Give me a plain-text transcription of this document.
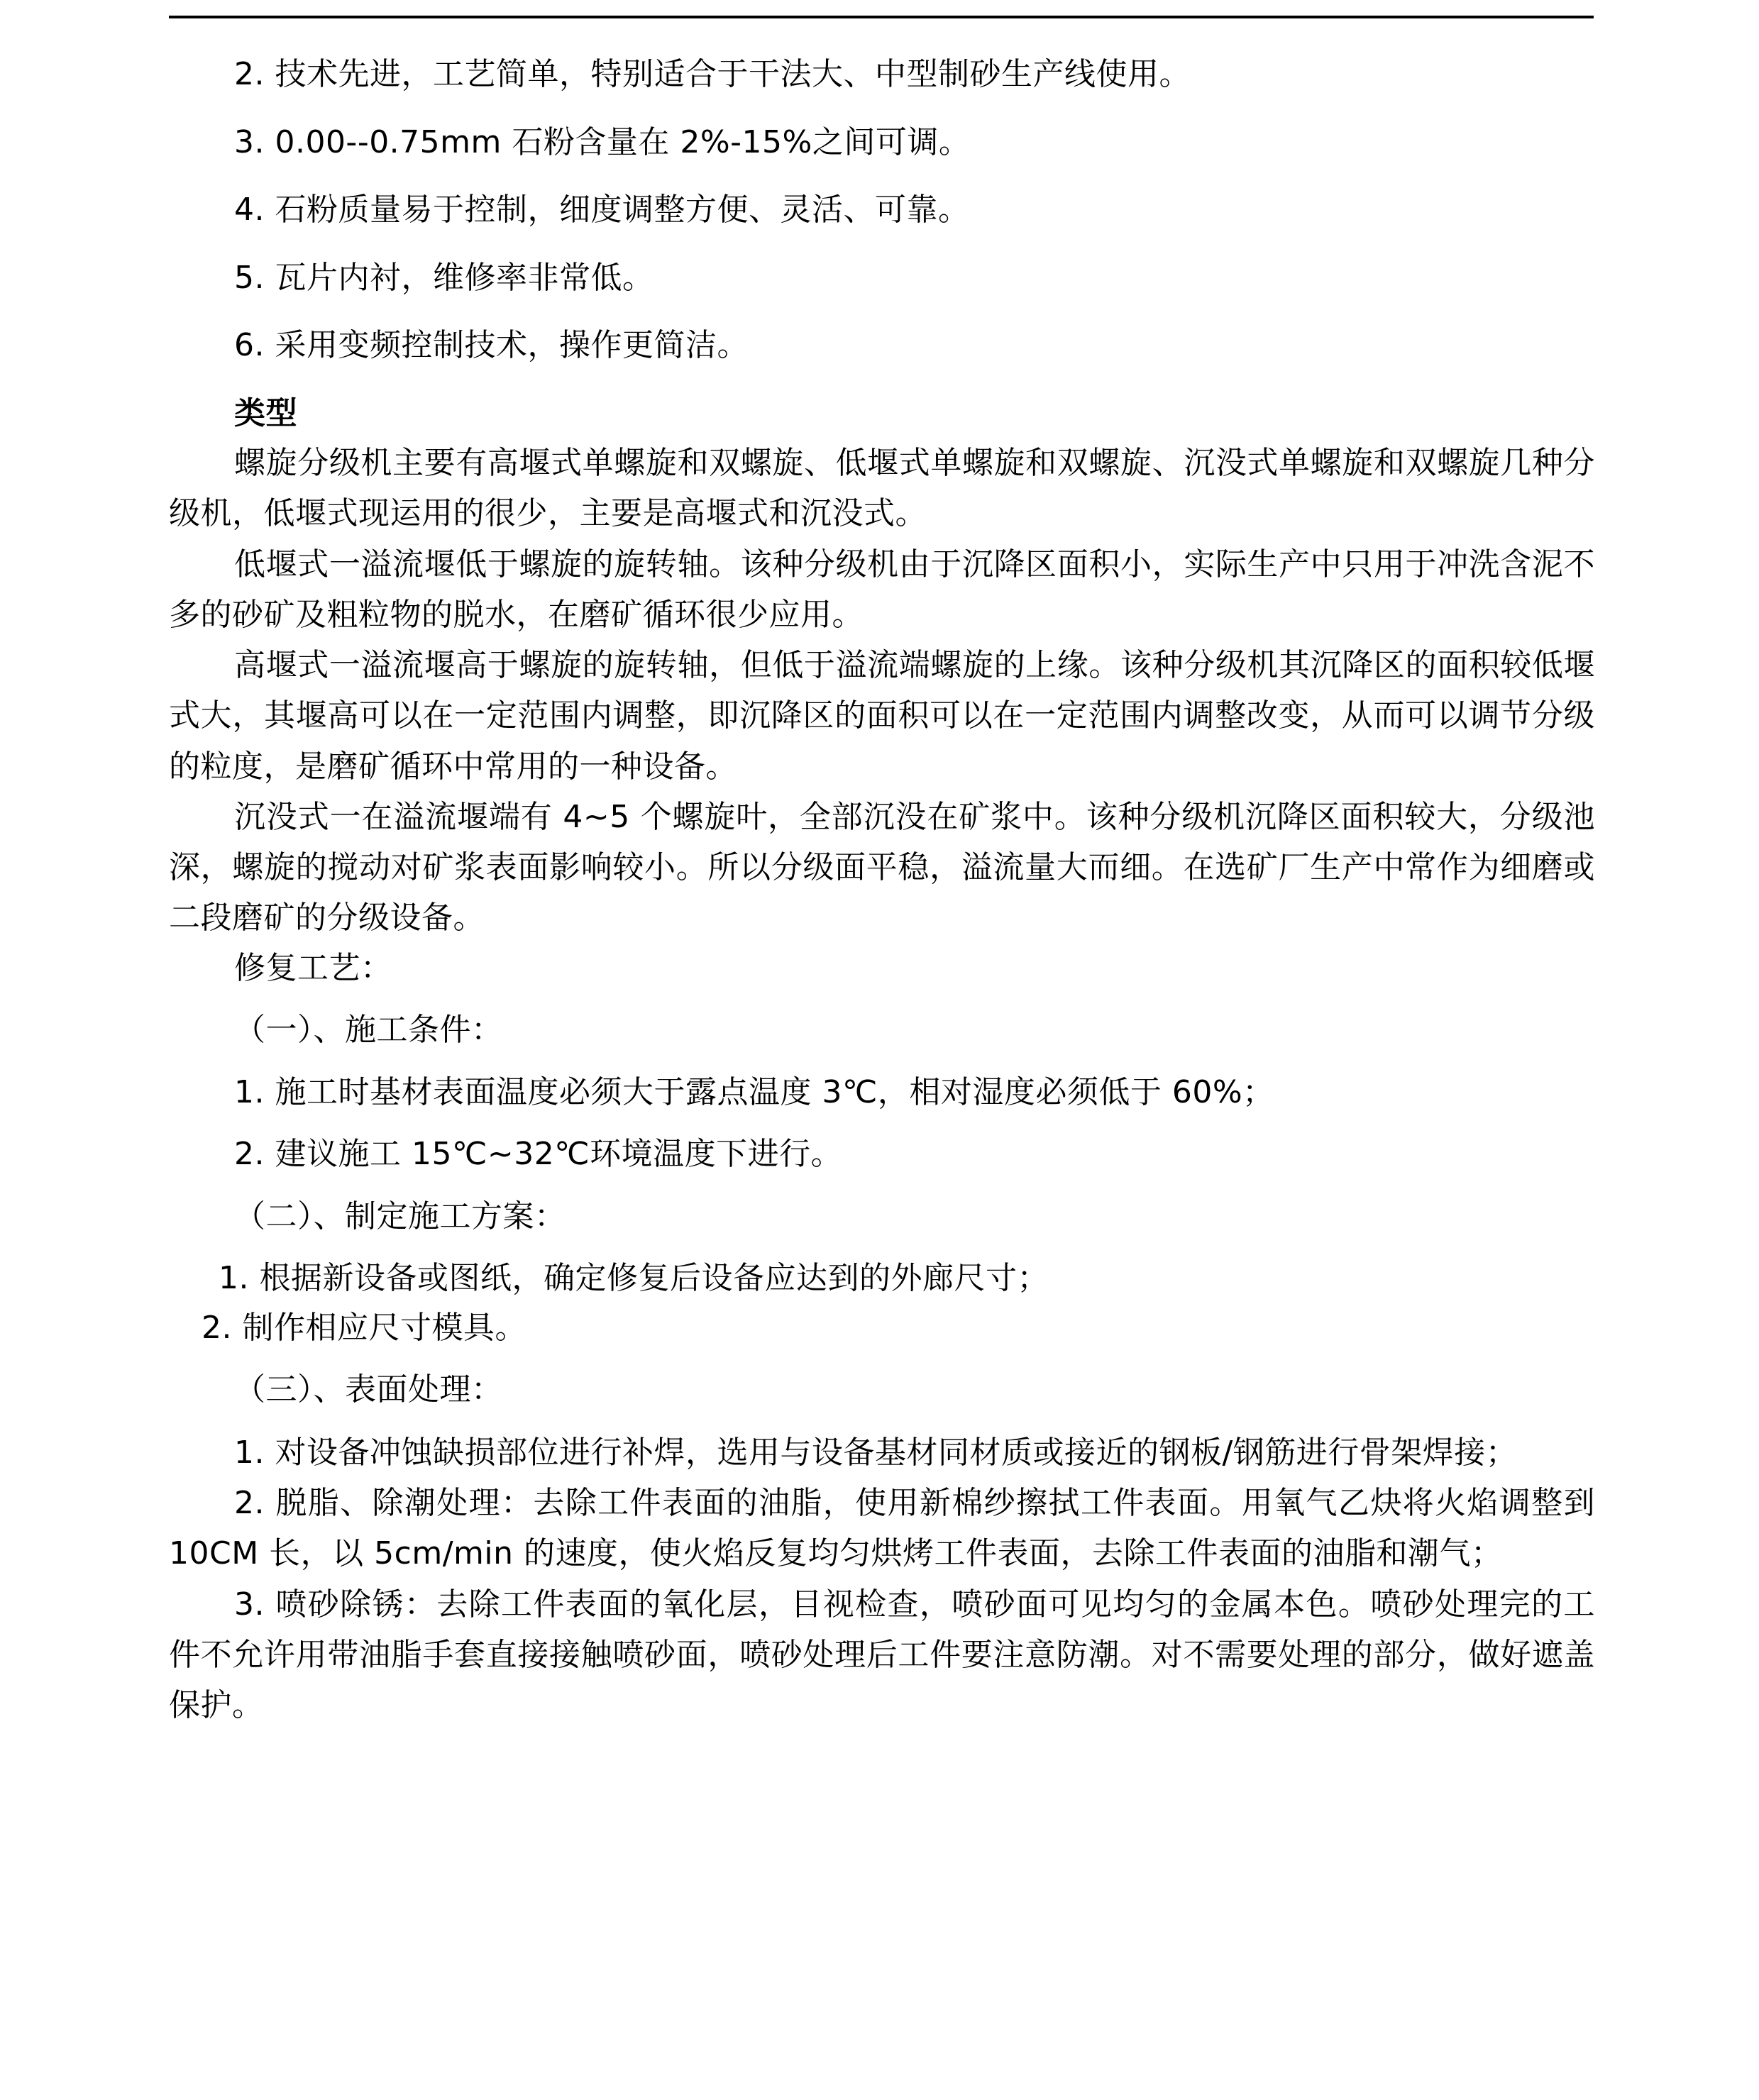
2. 技术先进，工艺简单，特别适合于干法大、中型制砂生产线使用。

3. 0.00--0.75mm 石粉含量在 2%-15%之间可调。

4. 石粉质量易于控制，细度调整方便、灵活、可靠。

5. 瓦片内衬，维修率非常低。

6. 采用变频控制技术，操作更简洁。

类型

螺旋分级机主要有高堰式单螺旋和双螺旋、低堰式单螺旋和双螺旋、沉没式单螺旋和双螺旋几种分级机，低堰式现运用的很少，主要是高堰式和沉没式。

低堰式一溢流堰低于螺旋的旋转轴。该种分级机由于沉降区面积小，实际生产中只用于冲洗含泥不多的砂矿及粗粒物的脱水，在磨矿循环很少应用。

高堰式一溢流堰高于螺旋的旋转轴，但低于溢流端螺旋的上缘。该种分级机其沉降区的面积较低堰式大，其堰高可以在一定范围内调整，即沉降区的面积可以在一定范围内调整改变，从而可以调节分级的粒度，是磨矿循环中常用的一种设备。

沉没式一在溢流堰端有 4~5 个螺旋叶，全部沉没在矿浆中。该种分级机沉降区面积较大，分级池深，螺旋的搅动对矿浆表面影响较小。所以分级面平稳，溢流量大而细。在选矿厂生产中常作为细磨或二段磨矿的分级设备。

修复工艺：

（一）、施工条件：

1. 施工时基材表面温度必须大于露点温度 3℃，相对湿度必须低于 60%；

2. 建议施工 15℃~32℃环境温度下进行。

（二）、制定施工方案：

1. 根据新设备或图纸，确定修复后设备应达到的外廊尺寸；

2. 制作相应尺寸模具。

（三）、表面处理：

1. 对设备冲蚀缺损部位进行补焊，选用与设备基材同材质或接近的钢板/钢筋进行骨架焊接；

2. 脱脂、除潮处理：去除工件表面的油脂，使用新棉纱擦拭工件表面。用氧气乙炔将火焰调整到 10CM 长，以 5cm/min 的速度，使火焰反复均匀烘烤工件表面，去除工件表面的油脂和潮气；

3. 喷砂除锈：去除工件表面的氧化层，目视检查，喷砂面可见均匀的金属本色。喷砂处理完的工件不允许用带油脂手套直接接触喷砂面，喷砂处理后工件要注意防潮。对不需要处理的部分，做好遮盖保护。
